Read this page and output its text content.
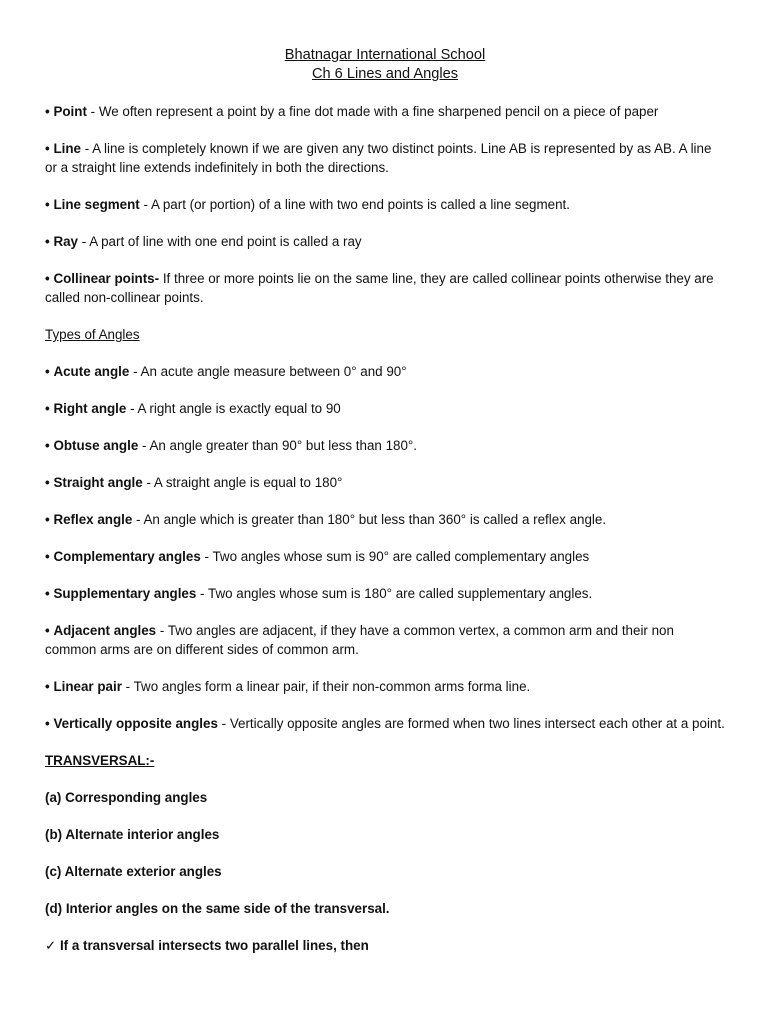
Bhatnagar International School
Ch 6 Lines and Angles
• Point - We often represent a point by a fine dot made with a fine sharpened pencil on a piece of paper
• Line - A line is completely known if we are given any two distinct points. Line AB is represented by as AB. A line or a straight line extends indefinitely in both the directions.
• Line segment - A part (or portion) of a line with two end points is called a line segment.
• Ray - A part of line with one end point is called a ray
• Collinear points- If three or more points lie on the same line, they are called collinear points otherwise they are called non-collinear points.
Types of Angles
• Acute angle - An acute angle measure between 0° and 90°
• Right angle - A right angle is exactly equal to 90
• Obtuse angle - An angle greater than 90° but less than 180°.
• Straight angle - A straight angle is equal to 180°
• Reflex angle - An angle which is greater than 180° but less than 360° is called a reflex angle.
• Complementary angles - Two angles whose sum is 90° are called complementary angles
• Supplementary angles - Two angles whose sum is 180° are called supplementary angles.
• Adjacent angles - Two angles are adjacent, if they have a common vertex, a common arm and their non common arms are on different sides of common arm.
• Linear pair - Two angles form a linear pair, if their non-common arms forma line.
• Vertically opposite angles - Vertically opposite angles are formed when two lines intersect each other at a point.
TRANSVERSAL:-
(a) Corresponding angles
(b) Alternate interior angles
(c) Alternate exterior angles
(d) Interior angles on the same side of the transversal.
✓ If a transversal intersects two parallel lines, then
